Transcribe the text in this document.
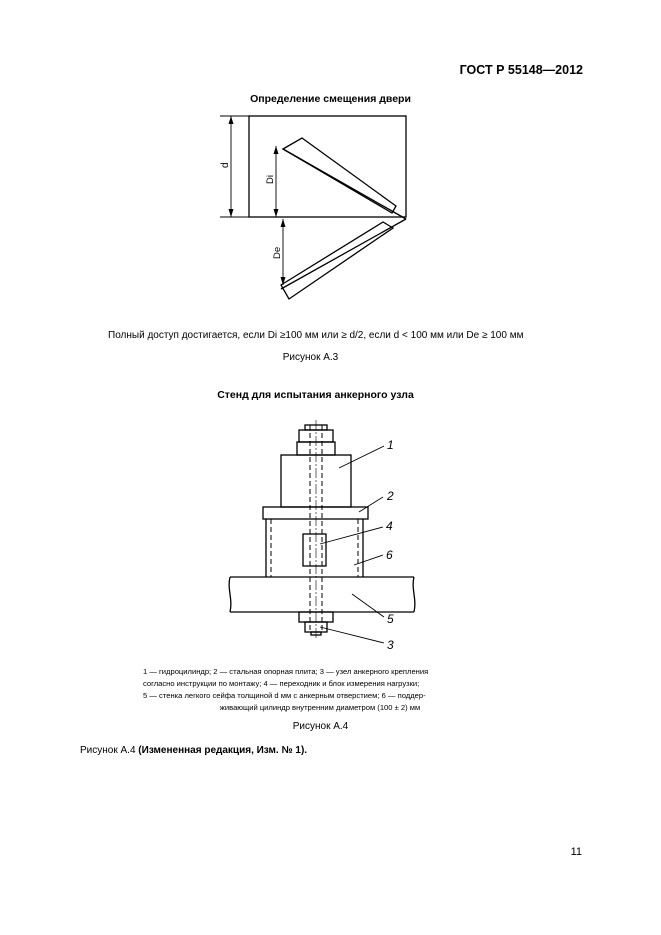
ГОСТ Р 55148—2012
Определение смещения двери
d
Di
De
Полный доступ достигается, если Di ≥100 мм или ≥ d/2, если d < 100 мм или De ≥ 100 мм
Рисунок А.3
Стенд для испытания анкерного узла
1
2
4
6
5
3
1 — гидроцилиндр; 2 — стальная опорная плита; 3 — узел анкерного крепления
согласно инструкции по монтажу; 4 — переходник и блок измерения нагрузки;
5 — стенка легкого сейфа толщиной d мм с анкерным отверстием; 6 — поддер-

живающий цилиндр внутренним диаметром (100 ± 2) мм
Рисунок А.4
Рисунок А.4 (Измененная редакция, Изм. № 1).
11
